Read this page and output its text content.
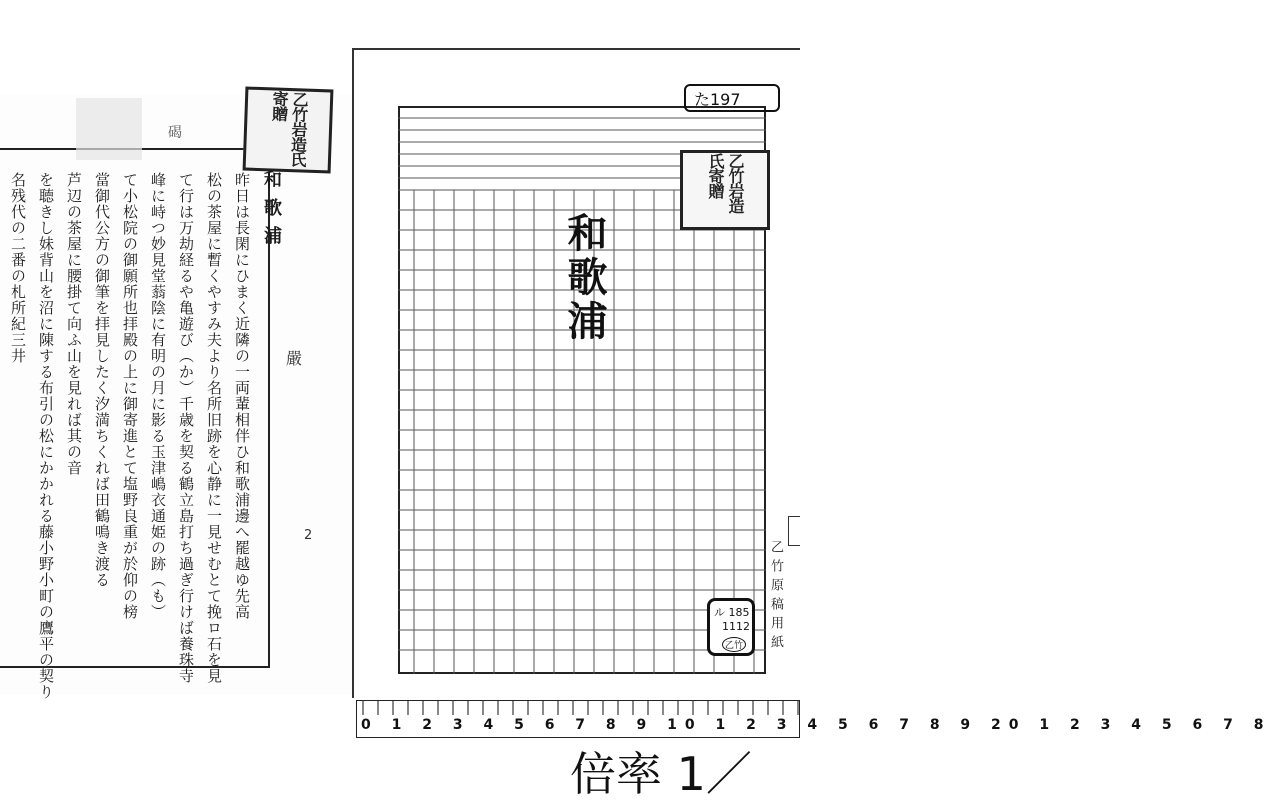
乙竹岩造氏寄贈
碣
和歌浦
昨日は長閑にひまく近隣の一両輩相伴ひ和歌浦邊へ罷越ゆ先高
松の茶屋に暫くやすみ夫より名所旧跡を心静に一見せむとて挽ロ石を見
て行は万劫経るや亀遊び（か）千歳を契る鶴立島打ち過ぎ行けば養珠寺
峰に峙つ妙見堂蓊陰に有明の月に影る玉津嶋衣通姫の跡（も）
て小松院の御願所也拝殿の上に御寄進とて塩野良重が於仰の榜
當御代公方の御筆を拝見したく汐満ちくれば田鶴鳴き渡る
芦辺の茶屋に腰掛て向ふ山を見れば其の音
を聴きし妹背山を沼に陳する布引の松にかかれる藤小野小町の鷹平の契り
名残代の二番の札所紀三井	嚴
2
た197
乙竹岩造氏寄贈
和歌浦
乙竹原稿用紙
ル 185
1112
乙竹
0 1 2 3 4 5 6 7 8 9 10 1 2 3 4 5 6 7 8 9 20 1 2 3 4 5 6 7 8
倍率 1／
